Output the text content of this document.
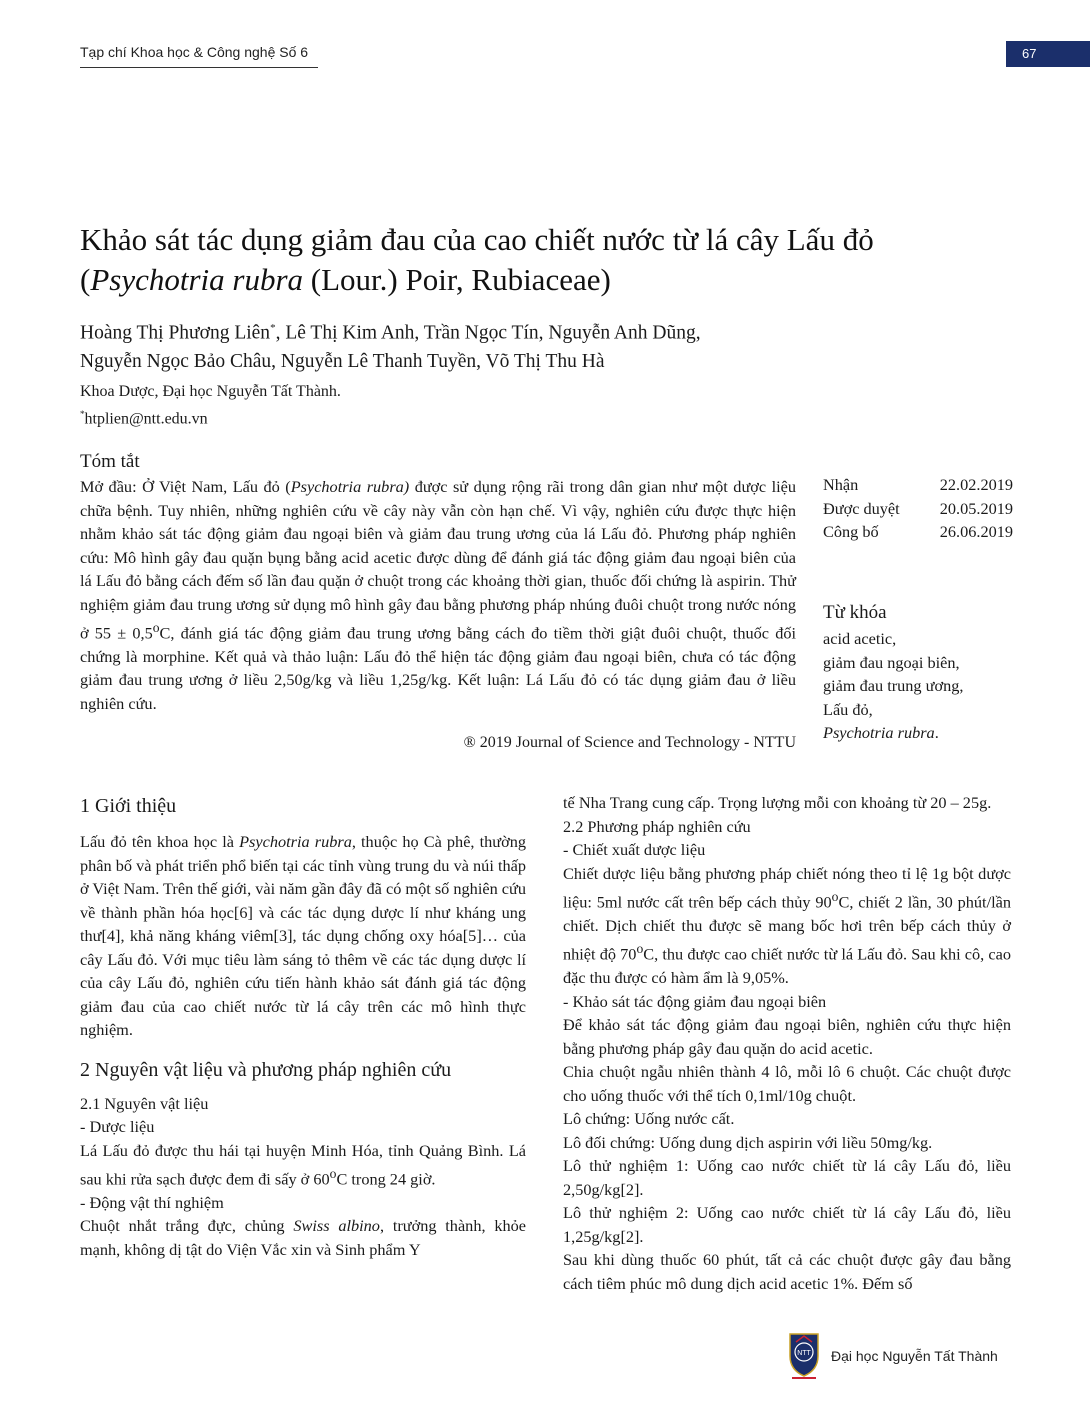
Tạp chí Khoa học & Công nghệ Số 6	67
Khảo sát tác dụng giảm đau của cao chiết nước từ lá cây Lấu đỏ
(Psychotria rubra (Lour.) Poir, Rubiaceae)
Hoàng Thị Phương Liên*, Lê Thị Kim Anh, Trần Ngọc Tín, Nguyễn Anh Dũng,
Nguyễn Ngọc Bảo Châu, Nguyễn Lê Thanh Tuyền, Võ Thị Thu Hà
Khoa Dược, Đại học Nguyễn Tất Thành.
*htplien@ntt.edu.vn
Tóm tắt
Mở đầu: Ở Việt Nam, Lấu đỏ (Psychotria rubra) được sử dụng rộng rãi trong dân gian như một dược liệu chữa bệnh. Tuy nhiên, những nghiên cứu về cây này vẫn còn hạn chế. Vì vậy, nghiên cứu được thực hiện nhằm khảo sát tác động giảm đau ngoại biên và giảm đau trung ương của lá Lấu đỏ. Phương pháp nghiên cứu: Mô hình gây đau quặn bụng bằng acid acetic được dùng để đánh giá tác động giảm đau ngoại biên của lá Lấu đỏ bằng cách đếm số lần đau quặn ở chuột trong các khoảng thời gian, thuốc đối chứng là aspirin. Thử nghiệm giảm đau trung ương sử dụng mô hình gây đau bằng phương pháp nhúng đuôi chuột trong nước nóng ở $55 \pm 0,5^oC$, đánh giá tác động giảm đau trung ương bằng cách đo tiềm thời giật đuôi chuột, thuốc đối chứng là morphine. Kết quả và thảo luận: Lấu đỏ thể hiện tác động giảm đau ngoại biên, chưa có tác động giảm đau trung ương ở liều 2,50g/kg và liều 1,25g/kg. Kết luận: Lá Lấu đỏ có tác dụng giảm đau ở liều nghiên cứu.
® 2019 Journal of Science and Technology - NTTU
Nhận	22.02.2019
Được duyệt 20.05.2019
Công bố	26.06.2019
Từ khóa
acid acetic,
giảm đau ngoại biên,
giảm đau trung ương,
Lấu đỏ,
Psychotria rubra.
1 Giới thiệu

Lấu đỏ tên khoa học là Psychotria rubra, thuộc họ Cà phê, thường phân bố và phát triển phổ biến tại các tỉnh vùng trung du và núi thấp ở Việt Nam. Trên thế giới, vài năm gần đây đã có một số nghiên cứu về thành phần hóa học[6] và các tác dụng dược lí như kháng ung thư[4], khả năng kháng viêm[3], tác dụng chống oxy hóa[5]… của cây Lấu đỏ. Với mục tiêu làm sáng tỏ thêm về các tác dụng dược lí của cây Lấu đỏ, nghiên cứu tiến hành khảo sát đánh giá tác động giảm đau của cao chiết nước từ lá cây trên các mô hình thực nghiệm.

2 Nguyên vật liệu và phương pháp nghiên cứu

2.1 Nguyên vật liệu

- Dược liệu

Lá Lấu đỏ được thu hái tại huyện Minh Hóa, tỉnh Quảng Bình. Lá sau khi rửa sạch được đem đi sấy ở 60$^o$C trong 24 giờ.

- Động vật thí nghiệm

Chuột nhắt trắng đực, chủng Swiss albino, trưởng thành, khỏe mạnh, không dị tật do Viện Vắc xin và Sinh phẩm Y

tế Nha Trang cung cấp. Trọng lượng mỗi con khoảng từ 20 – 25g.

2.2 Phương pháp nghiên cứu

- Chiết xuất dược liệu

Chiết dược liệu bằng phương pháp chiết nóng theo tỉ lệ 1g bột dược liệu: 5ml nước cất trên bếp cách thủy 90$^o$C, chiết 2 lần, 30 phút/lần chiết. Dịch chiết thu được sẽ mang bốc hơi trên bếp cách thủy ở nhiệt độ 70$^o$C, thu được cao chiết nước từ lá Lấu đỏ. Sau khi cô, cao đặc thu được có hàm ẩm là 9,05%.

- Khảo sát tác động giảm đau ngoại biên

Để khảo sát tác động giảm đau ngoại biên, nghiên cứu thực hiện bằng phương pháp gây đau quặn do acid acetic.

Chia chuột ngẫu nhiên thành 4 lô, mỗi lô 6 chuột. Các chuột được cho uống thuốc với thể tích 0,1ml/10g chuột.

Lô chứng: Uống nước cất.

Lô đối chứng: Uống dung dịch aspirin với liều 50mg/kg.

Lô thử nghiệm 1: Uống cao nước chiết từ lá cây Lấu đỏ, liều 2,50g/kg[2].

Lô thử nghiệm 2: Uống cao nước chiết từ lá cây Lấu đỏ, liều 1,25g/kg[2].

Sau khi dùng thuốc 60 phút, tất cả các chuột được gây đau bằng cách tiêm phúc mô dung dịch acid acetic 1%. Đếm số

NTT Đại học Nguyễn Tất Thành
